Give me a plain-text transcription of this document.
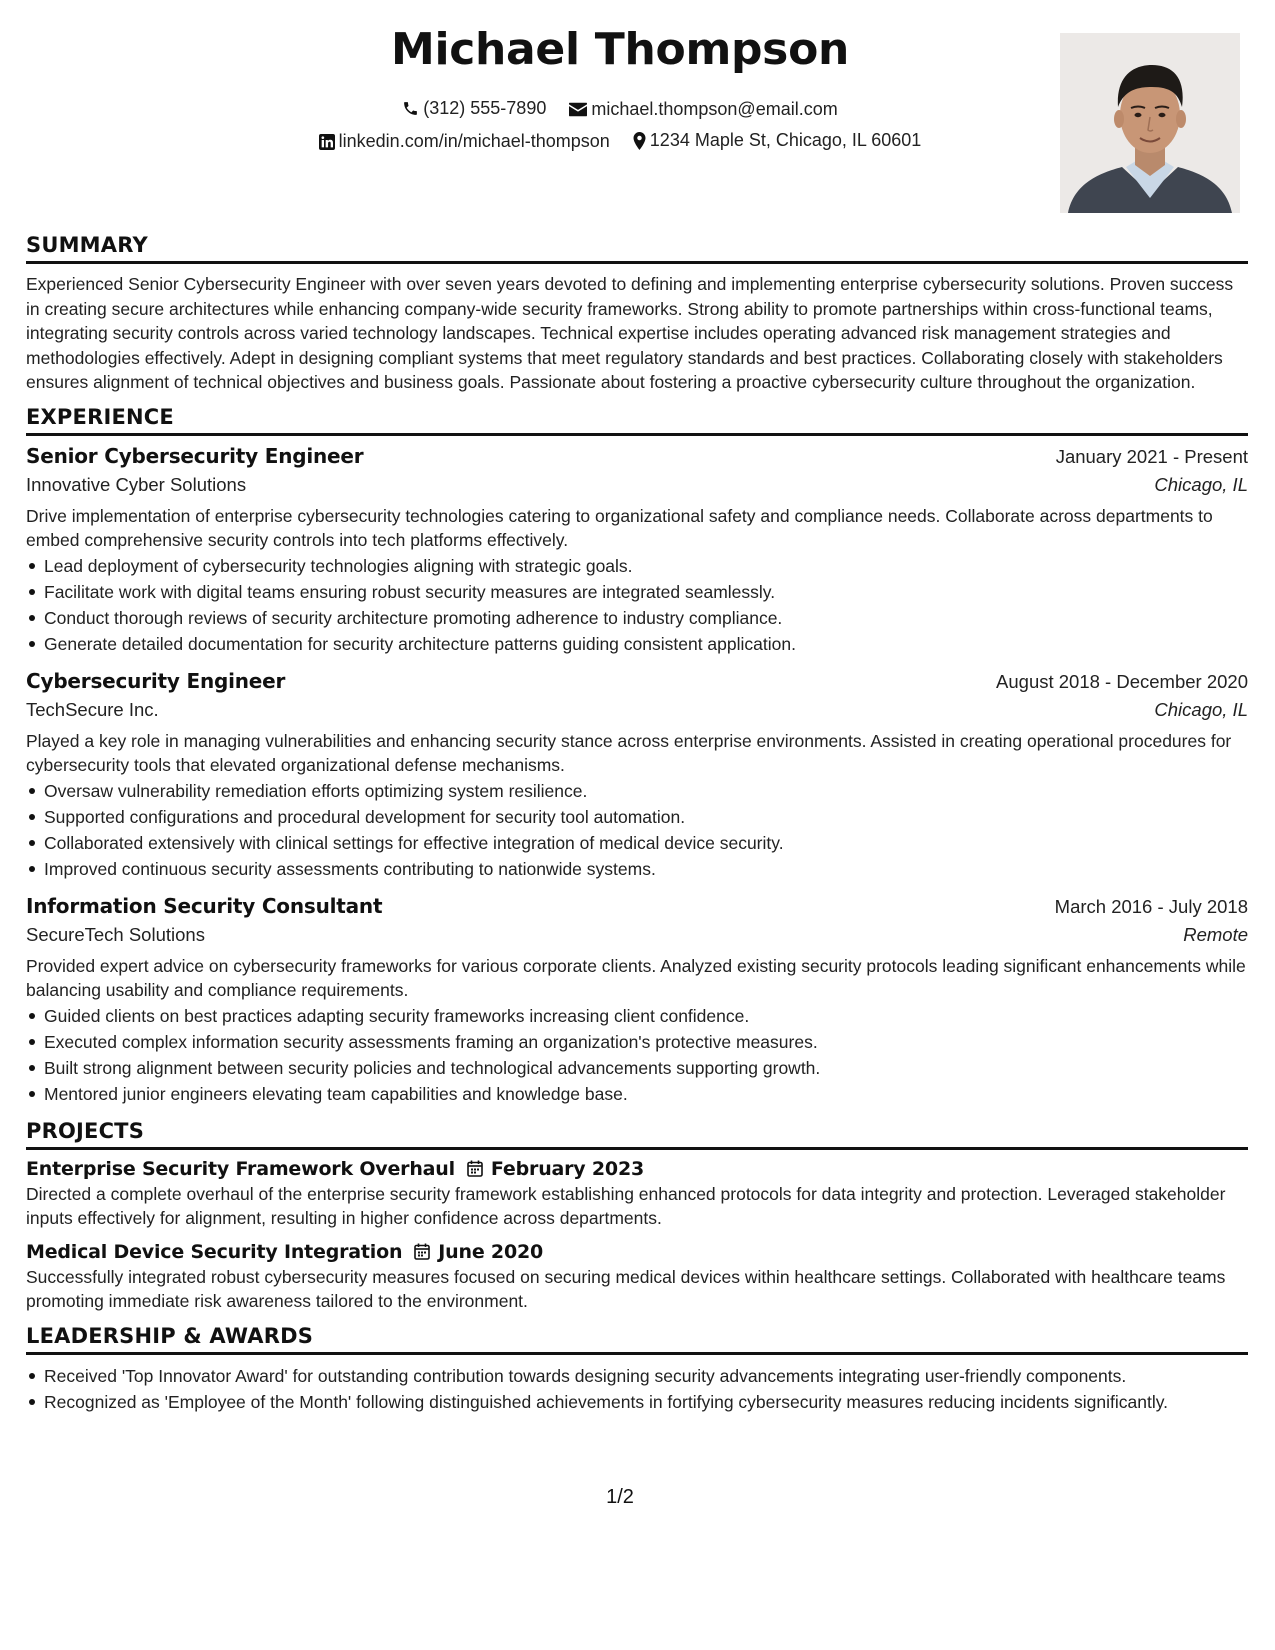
Michael Thompson
(312) 555-7890
	michael.thompson@email.com
linkedin.com/in/michael-thompson
1234 Maple St, Chicago, IL 60601
SUMMARY
Experienced Senior Cybersecurity Engineer with over seven years devoted to defining and implementing enterprise cybersecurity solutions. Proven success in creating secure architectures while enhancing company-wide security frameworks. Strong ability to promote partnerships within cross-functional teams, integrating security controls across varied technology landscapes. Technical expertise includes operating advanced risk management strategies and methodologies effectively. Adept in designing compliant systems that meet regulatory standards and best practices. Collaborating closely with stakeholders ensures alignment of technical objectives and business goals. Passionate about fostering a proactive cybersecurity culture throughout the organization.
EXPERIENCE
Senior Cybersecurity Engineer	January 2021 - Present
Innovative Cyber Solutions	Chicago, IL
Drive implementation of enterprise cybersecurity technologies catering to organizational safety and compliance needs. Collaborate across departments to embed comprehensive security controls into tech platforms effectively.
Lead deployment of cybersecurity technologies aligning with strategic goals.
Facilitate work with digital teams ensuring robust security measures are integrated seamlessly.
Conduct thorough reviews of security architecture promoting adherence to industry compliance.
Generate detailed documentation for security architecture patterns guiding consistent application.
Cybersecurity Engineer	August 2018 - December 2020
TechSecure Inc.	Chicago, IL
Played a key role in managing vulnerabilities and enhancing security stance across enterprise environments. Assisted in creating operational procedures for cybersecurity tools that elevated organizational defense mechanisms.
Oversaw vulnerability remediation efforts optimizing system resilience.
Supported configurations and procedural development for security tool automation.
Collaborated extensively with clinical settings for effective integration of medical device security.
Improved continuous security assessments contributing to nationwide systems.
Information Security Consultant	March 2016 - July 2018
SecureTech Solutions	Remote
Provided expert advice on cybersecurity frameworks for various corporate clients. Analyzed existing security protocols leading significant enhancements while balancing usability and compliance requirements.
Guided clients on best practices adapting security frameworks increasing client confidence.
Executed complex information security assessments framing an organization's protective measures.
Built strong alignment between security policies and technological advancements supporting growth.
Mentored junior engineers elevating team capabilities and knowledge base.
PROJECTS
Enterprise Security Framework Overhaul February 2023
Directed a complete overhaul of the enterprise security framework establishing enhanced protocols for data integrity and protection. Leveraged stakeholder inputs effectively for alignment, resulting in higher confidence across departments.
Medical Device Security Integration June 2020
Successfully integrated robust cybersecurity measures focused on securing medical devices within healthcare settings. Collaborated with healthcare teams promoting immediate risk awareness tailored to the environment.
LEADERSHIP & AWARDS
Received 'Top Innovator Award' for outstanding contribution towards designing security advancements integrating user-friendly components.
Recognized as 'Employee of the Month' following distinguished achievements in fortifying cybersecurity measures reducing incidents significantly.
1/2
